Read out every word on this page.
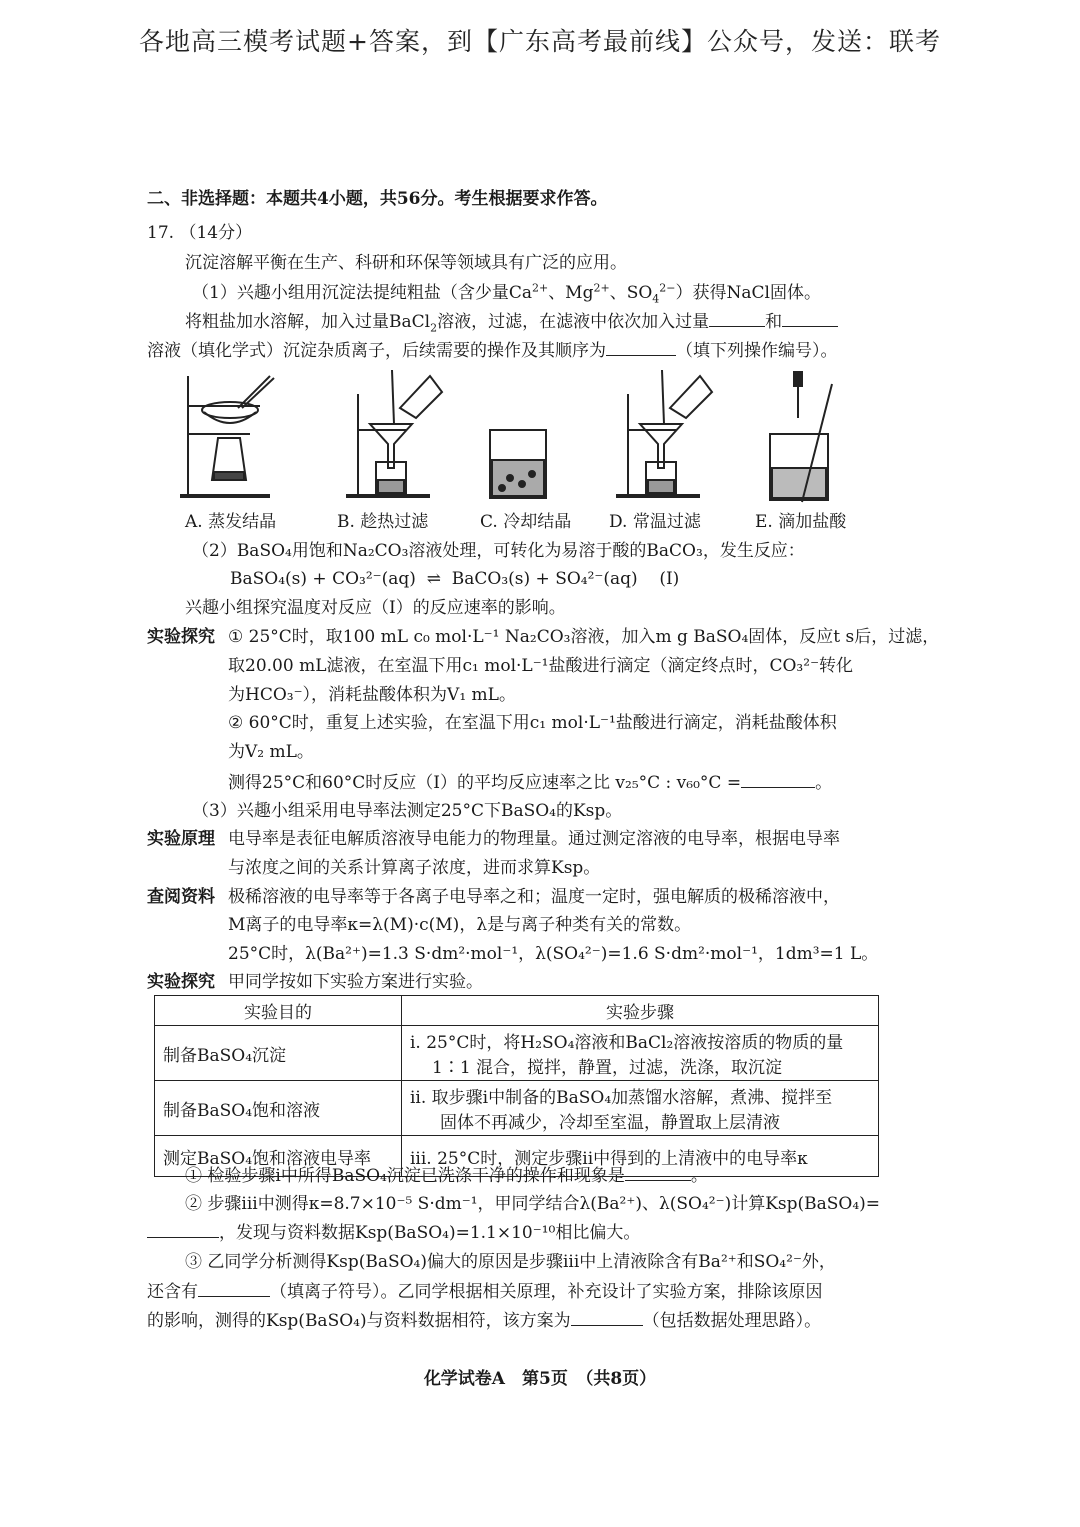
各地高三模考试题+答案，到【广东高考最前线】公众号，发送：联考
二、非选择题：本题共4小题，共56分。考生根据要求作答。
17. （14分）
沉淀溶解平衡在生产、科研和环保等领域具有广泛的应用。
（1）兴趣小组用沉淀法提纯粗盐（含少量$Ca^{2+}$、$Mg^{2+}$、$SO_4^{2-}$）获得NaCl固体。
将粗盐加水溶解，加入过量BaCl$_2$溶液，过滤，在滤液中依次加入过量	和
溶液（填化学式）沉淀杂质离子，后续需要的操作及其顺序为	（填下列操作编号）。
A. 蒸发结晶	B. 趁热过滤	C. 冷却结晶 D. 常温过滤	E. 滴加盐酸
（2）BaSO₄用饱和Na₂CO₃溶液处理，可转化为易溶于酸的BaCO₃，发生反应：
BaSO₄(s) + CO₃²⁻(aq)  ⇌  BaCO₃(s) + SO₄²⁻(aq) (I)
兴趣小组探究温度对反应（I）的反应速率的影响。
实验探究 ① 25°C时，取100 mL c₀ mol·L⁻¹ Na₂CO₃溶液，加入m g BaSO₄固体，反应t s后，过滤，
取20.00 mL滤液，在室温下用c₁ mol·L⁻¹盐酸进行滴定（滴定终点时，CO₃²⁻转化
为HCO₃⁻），消耗盐酸体积为V₁ mL。
② 60°C时，重复上述实验，在室温下用c₁ mol·L⁻¹盐酸进行滴定，消耗盐酸体积
为V₂ mL。
测得25°C和60°C时反应（I）的平均反应速率之比 v₂₅°C : v₆₀°C =	。
（3）兴趣小组采用电导率法测定25°C下BaSO₄的Ksp。
实验原理 电导率是表征电解质溶液导电能力的物理量。通过测定溶液的电导率，根据电导率
与浓度之间的关系计算离子浓度，进而求算Ksp。
查阅资料 极稀溶液的电导率等于各离子电导率之和；温度一定时，强电解质的极稀溶液中，
M离子的电导率κ=λ(M)·c(M)，λ是与离子种类有关的常数。
25°C时，λ(Ba²⁺)=1.3 S·dm²·mol⁻¹，λ(SO₄²⁻)=1.6 S·dm²·mol⁻¹，1dm³=1 L。
实验探究 甲同学按如下实验方案进行实验。
实验目的	实验步骤
制备BaSO₄沉淀	i. 25°C时，将H₂SO₄溶液和BaCl₂溶液按溶质的物质的量
1∶1 混合，搅拌，静置，过滤，洗涤，取沉淀

制备BaSO₄饱和溶液	ii. 取步骤i中制备的BaSO₄加蒸馏水溶解，煮沸、搅拌至
固体不再减少，冷却至室温，静置取上层清液

测定BaSO₄饱和溶液电导率	iii. 25°C时，测定步骤ii中得到的上清液中的电导率κ
① 检验步骤i中所得BaSO₄沉淀已洗涤干净的操作和现象是	。
② 步骤iii中测得κ=8.7×10⁻⁵ S·dm⁻¹，甲同学结合λ(Ba²⁺)、λ(SO₄²⁻)计算Ksp(BaSO₄)=
，发现与资料数据Ksp(BaSO₄)=1.1×10⁻¹⁰相比偏大。
③ 乙同学分析测得Ksp(BaSO₄)偏大的原因是步骤iii中上清液除含有Ba²⁺和SO₄²⁻外，
还含有	（填离子符号）。乙同学根据相关原理，补充设计了实验方案，排除该原因
的影响，测得的Ksp(BaSO₄)与资料数据相符，该方案为	（包括数据处理思路）。
化学试卷A　第5页　（共8页）
